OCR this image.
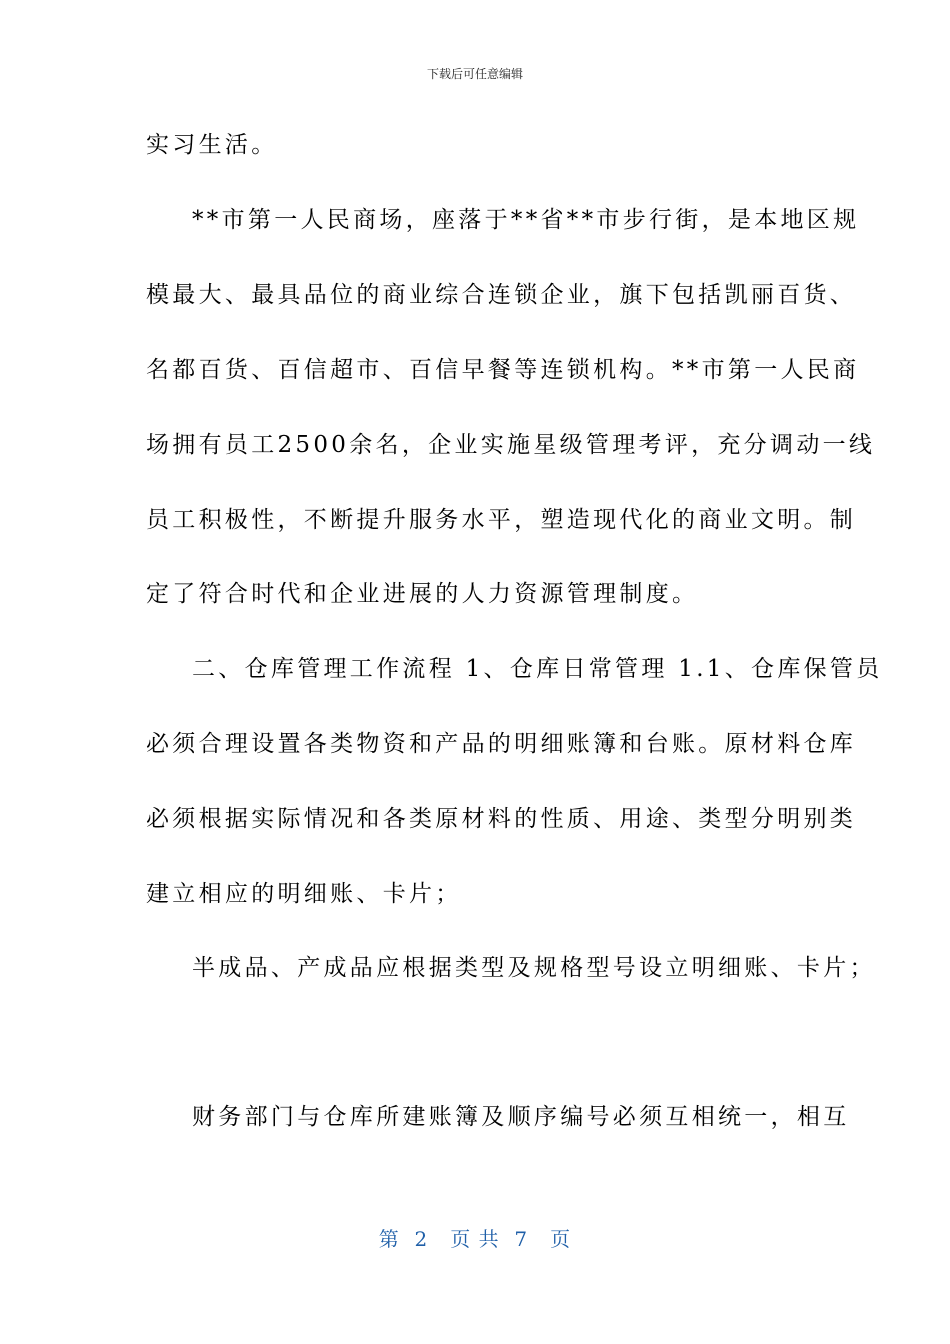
下载后可任意编辑
实习生活。
**市第一人民商场，座落于**省**市步行街，是本地区规
模最大、最具品位的商业综合连锁企业，旗下包括凯丽百货、
名都百货、百信超市、百信早餐等连锁机构。**市第一人民商
场拥有员工2500余名，企业实施星级管理考评，充分调动一线
员工积极性，不断提升服务水平，塑造现代化的商业文明。制
定了符合时代和企业进展的人力资源管理制度。
二、仓库管理工作流程 1、仓库日常管理 1.1、仓库保管员
必须合理设置各类物资和产品的明细账簿和台账。原材料仓库
必须根据实际情况和各类原材料的性质、用途、类型分明别类
建立相应的明细账、卡片；
半成品、产成品应根据类型及规格型号设立明细账、卡片；
财务部门与仓库所建账簿及顺序编号必须互相统一，相互
第  2   页 共  7   页
